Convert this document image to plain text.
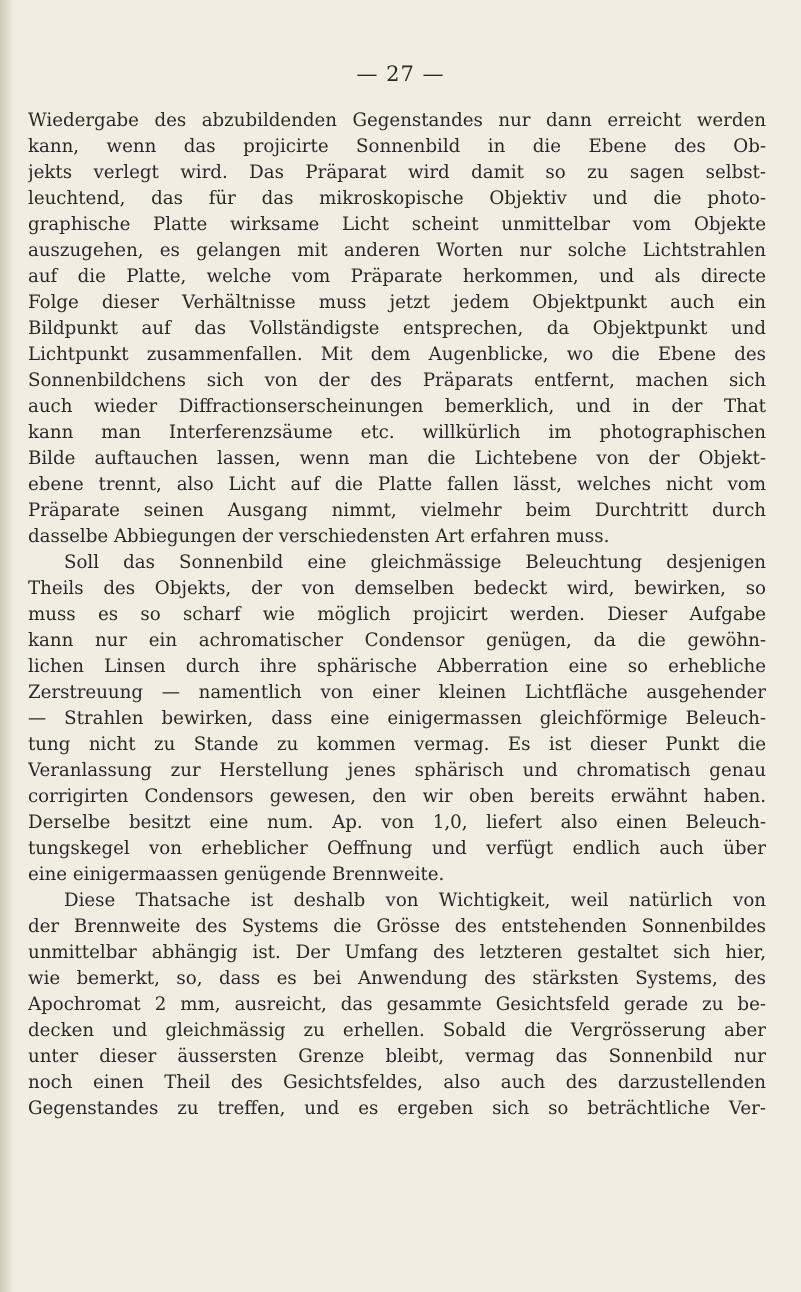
— 27 —
Wiedergabe des abzubildenden Gegenstandes nur dann erreicht werden
kann, wenn das projicirte Sonnenbild in die Ebene des Ob-
jekts verlegt wird. Das Präparat wird damit so zu sagen selbst-
leuchtend, das für das mikroskopische Objektiv und die photo-
graphische Platte wirksame Licht scheint unmittelbar vom Objekte
auszugehen, es gelangen mit anderen Worten nur solche Lichtstrahlen
auf die Platte, welche vom Präparate herkommen, und als directe
Folge dieser Verhältnisse muss jetzt jedem Objektpunkt auch ein
Bildpunkt auf das Vollständigste entsprechen, da Objektpunkt und
Lichtpunkt zusammenfallen. Mit dem Augenblicke, wo die Ebene des
Sonnenbildchens sich von der des Präparats entfernt, machen sich
auch wieder Diffractionserscheinungen bemerklich, und in der That
kann man Interferenzsäume etc. willkürlich im photographischen
Bilde auftauchen lassen, wenn man die Lichtebene von der Objekt-
ebene trennt, also Licht auf die Platte fallen lässt, welches nicht vom
Präparate seinen Ausgang nimmt, vielmehr beim Durchtritt durch
dasselbe Abbiegungen der verschiedensten Art erfahren muss.
Soll das Sonnenbild eine gleichmässige Beleuchtung desjenigen
Theils des Objekts, der von demselben bedeckt wird, bewirken, so
muss es so scharf wie möglich projicirt werden. Dieser Aufgabe
kann nur ein achromatischer Condensor genügen, da die gewöhn-
lichen Linsen durch ihre sphärische Abberration eine so erhebliche
Zerstreuung — namentlich von einer kleinen Lichtfläche ausgehender
— Strahlen bewirken, dass eine einigermassen gleichförmige Beleuch-
tung nicht zu Stande zu kommen vermag. Es ist dieser Punkt die
Veranlassung zur Herstellung jenes sphärisch und chromatisch genau
corrigirten Condensors gewesen, den wir oben bereits erwähnt haben.
Derselbe besitzt eine num. Ap. von 1,0, liefert also einen Beleuch-
tungskegel von erheblicher Oeffnung und verfügt endlich auch über
eine einigermaassen genügende Brennweite.
Diese Thatsache ist deshalb von Wichtigkeit, weil natürlich von
der Brennweite des Systems die Grösse des entstehenden Sonnenbildes
unmittelbar abhängig ist. Der Umfang des letzteren gestaltet sich hier,
wie bemerkt, so, dass es bei Anwendung des stärksten Systems, des
Apochromat 2 mm, ausreicht, das gesammte Gesichtsfeld gerade zu be-
decken und gleichmässig zu erhellen. Sobald die Vergrösserung aber
unter dieser äussersten Grenze bleibt, vermag das Sonnenbild nur
noch einen Theil des Gesichtsfeldes, also auch des darzustellenden
Gegenstandes zu treffen, und es ergeben sich so beträchtliche Ver-
